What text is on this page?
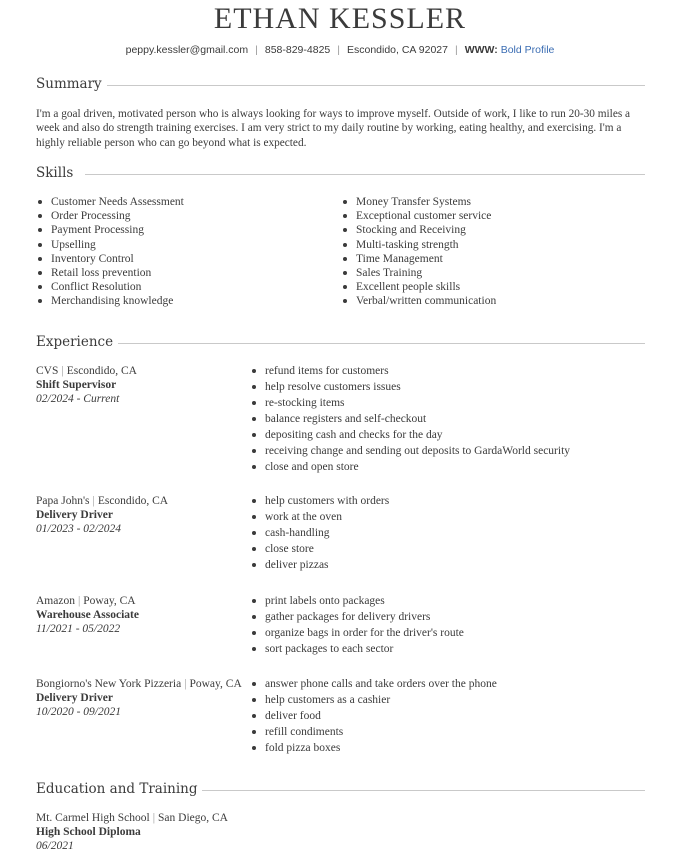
ETHAN KESSLER
peppy.kessler@gmail.com | 858-829-4825 | Escondido, CA 92027 | WWW: Bold Profile
Summary
I'm a goal driven, motivated person who is always looking for ways to improve myself. Outside of work, I like to run 20-30 miles a week and also do strength training exercises. I am very strict to my daily routine by working, eating healthy, and exercising. I'm a highly reliable person who can go beyond what is expected.
Skills
Customer Needs Assessment
Order Processing
Payment Processing
Upselling
Inventory Control
Retail loss prevention
Conflict Resolution
Merchandising knowledge
Money Transfer Systems
Exceptional customer service
Stocking and Receiving
Multi-tasking strength
Time Management
Sales Training
Excellent people skills
Verbal/written communication
Experience
CVS | Escondido, CA
Shift Supervisor
02/2024 - Current
refund items for customers
help resolve customers issues
re-stocking items
balance registers and self-checkout
depositing cash and checks for the day
receiving change and sending out deposits to GardaWorld security
close and open store
Papa John's | Escondido, CA
Delivery Driver
01/2023 - 02/2024
help customers with orders
work at the oven
cash-handling
close store
deliver pizzas
Amazon | Poway, CA
Warehouse Associate
11/2021 - 05/2022
print labels onto packages
gather packages for delivery drivers
organize bags in order for the driver's route
sort packages to each sector
Bongiorno's New York Pizzeria | Poway, CA
Delivery Driver
10/2020 - 09/2021
answer phone calls and take orders over the phone
help customers as a cashier
deliver food
refill condiments
fold pizza boxes
Education and Training
Mt. Carmel High School | San Diego, CA
High School Diploma
06/2021
